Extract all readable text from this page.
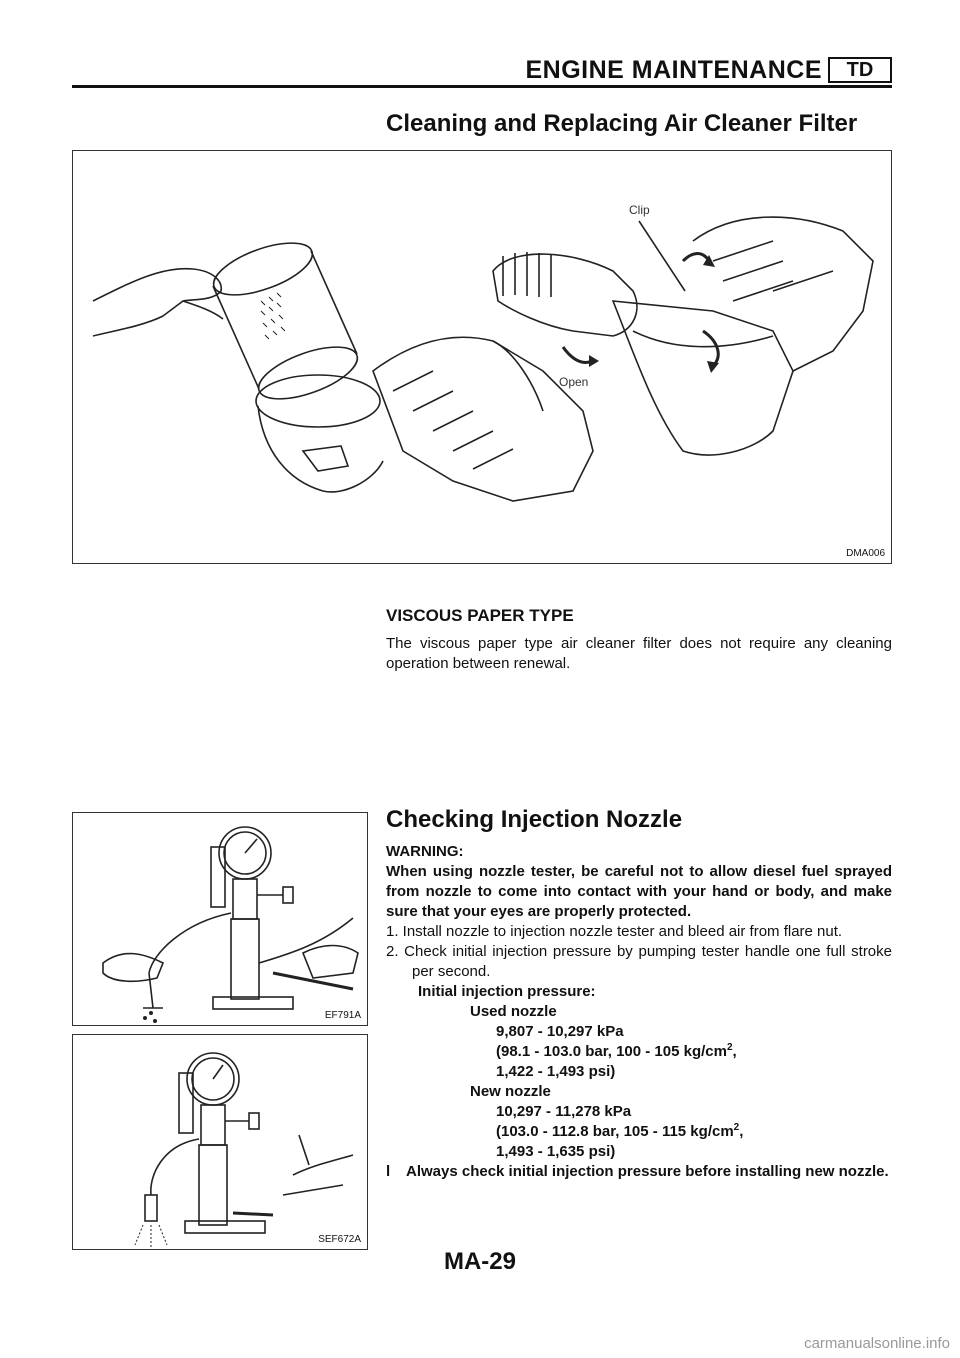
ENGINE MAINTENANCE	TD
Cleaning and Replacing Air Cleaner Filter
Clip
Open
DMA006
VISCOUS PAPER TYPE
The viscous paper type air cleaner filter does not require any cleaning operation between renewal.
Checking Injection Nozzle
EF791A
SEF672A
WARNING:
When using nozzle tester, be careful not to allow diesel fuel sprayed from nozzle to come into contact with your hand or body, and make sure that your eyes are properly protected.
1. Install nozzle to injection nozzle tester and bleed air from flare nut.
2. Check initial injection pressure by pumping tester handle one full stroke per second.
Initial injection pressure:
Used nozzle
9,807 - 10,297 kPa
(98.1 - 103.0 bar, 100 - 105 $kg/cm^2$,
1,422 - 1,493 psi)
New nozzle
10,297 - 11,278 kPa
(103.0 - 112.8 bar, 105 - 115 $kg/cm^2$,
1,493 - 1,635 psi)
l Always check initial injection pressure before installing new nozzle.
MA-29
carmanualsonline.info
